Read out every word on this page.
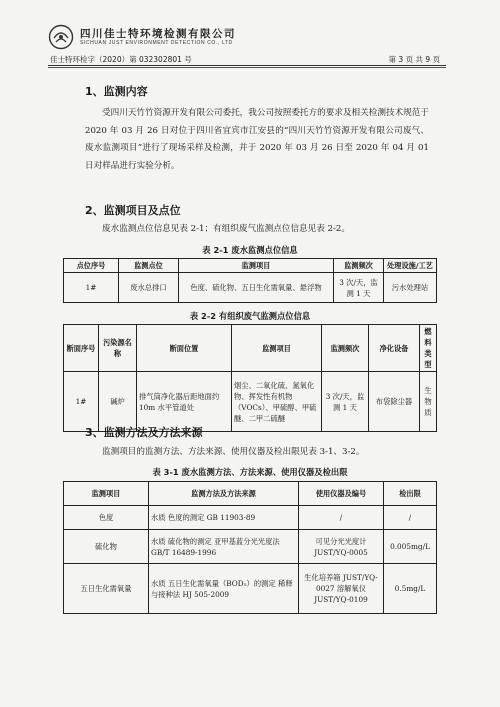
四川佳士特环境检测有限公司
SICHUAN JUST ENVIRONMENT DETECTION CO., LTD
佳士特环检字（2020）第 032302801 号	第 3 页 共 9 页
1、监测内容

受四川天竹竹资源开发有限公司委托，我公司按照委托方的要求及相关检测技术规范于 2020 年 03 月 26 日对位于四川省宜宾市江安县的“四川天竹竹资源开发有限公司废气、废水监测项目”进行了现场采样及检测，并于 2020 年 03 月 26 日至 2020 年 04 月 01 日对样品进行实验分析。

2、监测项目及点位

废水监测点位信息见表 2-1；有组织废气监测点位信息见表 2-2。

表 2-1 废水监测点位信息
点位序号	监测点位	监测项目	监测频次	处理设施/工艺
1#	废水总排口	色度、硫化物、五日生化需氧量、悬浮物	3 次/天，监测 1 天	污水处理站
表 2-2 有组织废气监测点位信息
断面序号	污染源名称	断面位置	监测项目	监测频次	净化设备	燃料类型
1#	碱炉	排气筒净化器后距地面约 10m 水平管道处	烟尘、二氧化硫、氮氧化物、挥发性有机物（VOCs）、甲硫醇、甲硫醚、二甲二硫醚	3 次/天，监测 1 天	布袋除尘器	生物质
3、监测方法及方法来源

监测项目的监测方法、方法来源、使用仪器及检出限见表 3-1、3-2。

表 3-1 废水监测方法、方法来源、使用仪器及检出限
监测项目	监测方法及方法来源	使用仪器及编号	检出限
色度	水质 色度的测定 GB 11903-89	/	/
硫化物	水质 硫化物的测定 亚甲基蓝分光光度法 GB/T 16489-1996	可见分光光度计 JUST/YQ-0005	0.005mg/L
五日生化需氧量	水质 五日生化需氧量（BOD₅）的测定 稀释与接种法 HJ 505-2009	生化培养箱 JUST/YQ-0027 溶解氧仪 JUST/YQ-0109	0.5mg/L
